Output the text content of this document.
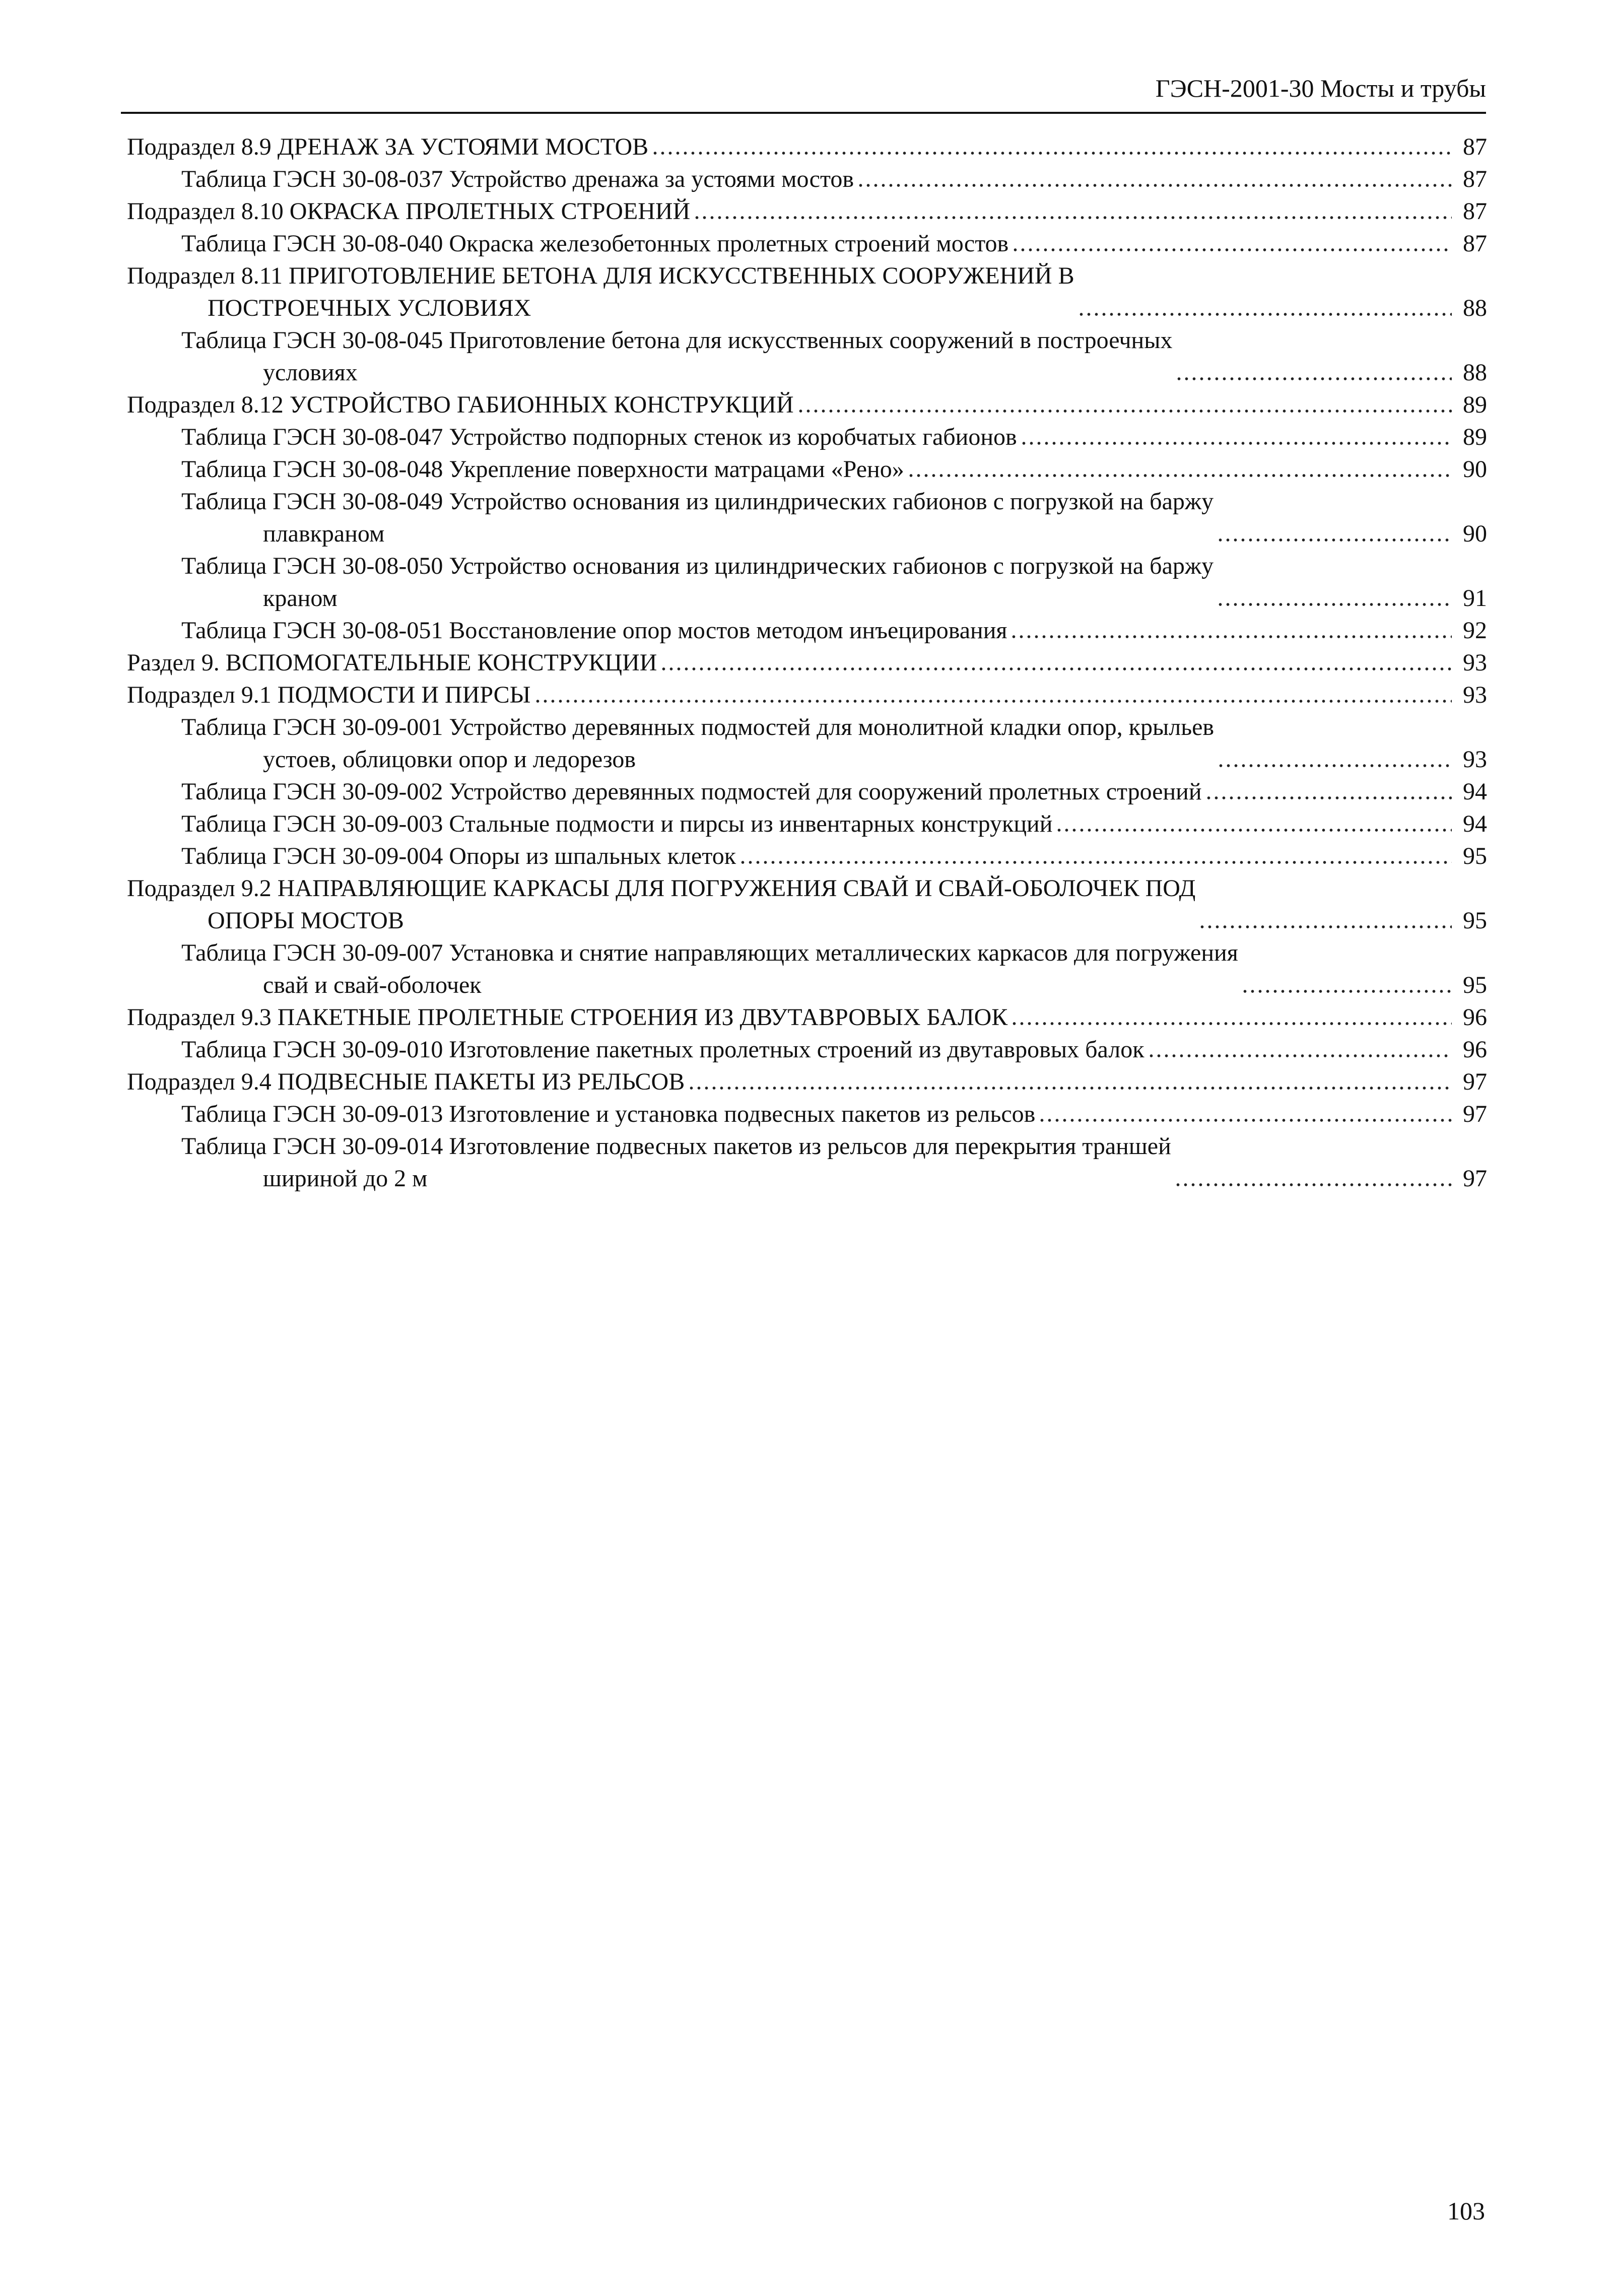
ГЭСН-2001-30 Мосты и трубы
Подраздел 8.9 ДРЕНАЖ ЗА УСТОЯМИ МОСТОВ	87
Таблица ГЭСН 30-08-037 Устройство дренажа за устоями мостов	87
Подраздел 8.10 ОКРАСКА ПРОЛЕТНЫХ СТРОЕНИЙ	87
Таблица ГЭСН 30-08-040 Окраска железобетонных пролетных строений мостов	87
Подраздел 8.11 ПРИГОТОВЛЕНИЕ БЕТОНА ДЛЯ ИСКУССТВЕННЫХ СООРУЖЕНИЙ В
ПОСТРОЕЧНЫХ УСЛОВИЯХ	88
Таблица ГЭСН 30-08-045 Приготовление бетона для искусственных сооружений в построечных
условиях	88
Подраздел 8.12 УСТРОЙСТВО ГАБИОННЫХ КОНСТРУКЦИЙ	89
Таблица ГЭСН 30-08-047 Устройство подпорных стенок из коробчатых габионов	89
Таблица ГЭСН 30-08-048 Укрепление поверхности матрацами «Рено»	90
Таблица ГЭСН 30-08-049 Устройство основания из цилиндрических габионов с погрузкой на баржу
плавкраном	90
Таблица ГЭСН 30-08-050 Устройство основания из цилиндрических габионов с погрузкой на баржу
краном	91
Таблица ГЭСН 30-08-051 Восстановление опор мостов методом инъецирования	92
Раздел 9. ВСПОМОГАТЕЛЬНЫЕ КОНСТРУКЦИИ	93
Подраздел 9.1 ПОДМОСТИ И ПИРСЫ	93
Таблица ГЭСН 30-09-001 Устройство деревянных подмостей для монолитной кладки опор, крыльев
устоев, облицовки опор и ледорезов	93
Таблица ГЭСН 30-09-002 Устройство деревянных подмостей для сооружений пролетных строений	94
Таблица ГЭСН 30-09-003 Стальные подмости и пирсы из инвентарных конструкций	94
Таблица ГЭСН 30-09-004 Опоры из шпальных клеток	95
Подраздел 9.2 НАПРАВЛЯЮЩИЕ КАРКАСЫ ДЛЯ ПОГРУЖЕНИЯ СВАЙ И СВАЙ-ОБОЛОЧЕК ПОД
ОПОРЫ МОСТОВ	95
Таблица ГЭСН 30-09-007 Установка и снятие направляющих металлических каркасов для погружения
свай и свай-оболочек	95
Подраздел 9.3 ПАКЕТНЫЕ ПРОЛЕТНЫЕ СТРОЕНИЯ ИЗ ДВУТАВРОВЫХ БАЛОК	96
Таблица ГЭСН 30-09-010 Изготовление пакетных пролетных строений из двутавровых балок	96
Подраздел 9.4 ПОДВЕСНЫЕ ПАКЕТЫ ИЗ РЕЛЬСОВ	97
Таблица ГЭСН 30-09-013 Изготовление и установка подвесных пакетов из рельсов	97
Таблица ГЭСН 30-09-014 Изготовление подвесных пакетов из рельсов для перекрытия траншей
шириной до 2 м	97
103
